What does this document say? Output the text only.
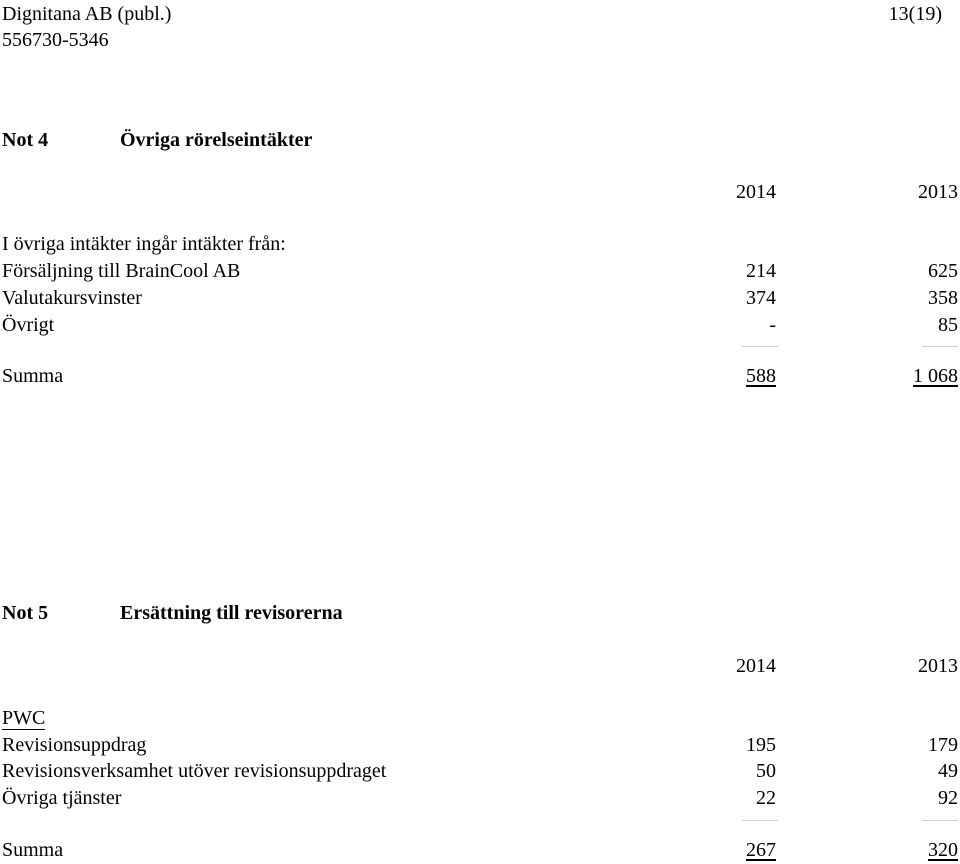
Dignitana AB (publ.)
556730-5346
13(19)
Not 4	Övriga rörelseintäkter
2014	2013
I övriga intäkter ingår intäkter från:
Försäljning till BrainCool AB	214	625
Valutakursvinster	374	358
Övrigt	-	85
Summa	588	1 068
Not 5	Ersättning till revisorerna
2014	2013
PWC
Revisionsuppdrag	195	179
Revisionsverksamhet utöver revisionsuppdraget	50	49
Övriga tjänster	22	92
Summa	267	320
